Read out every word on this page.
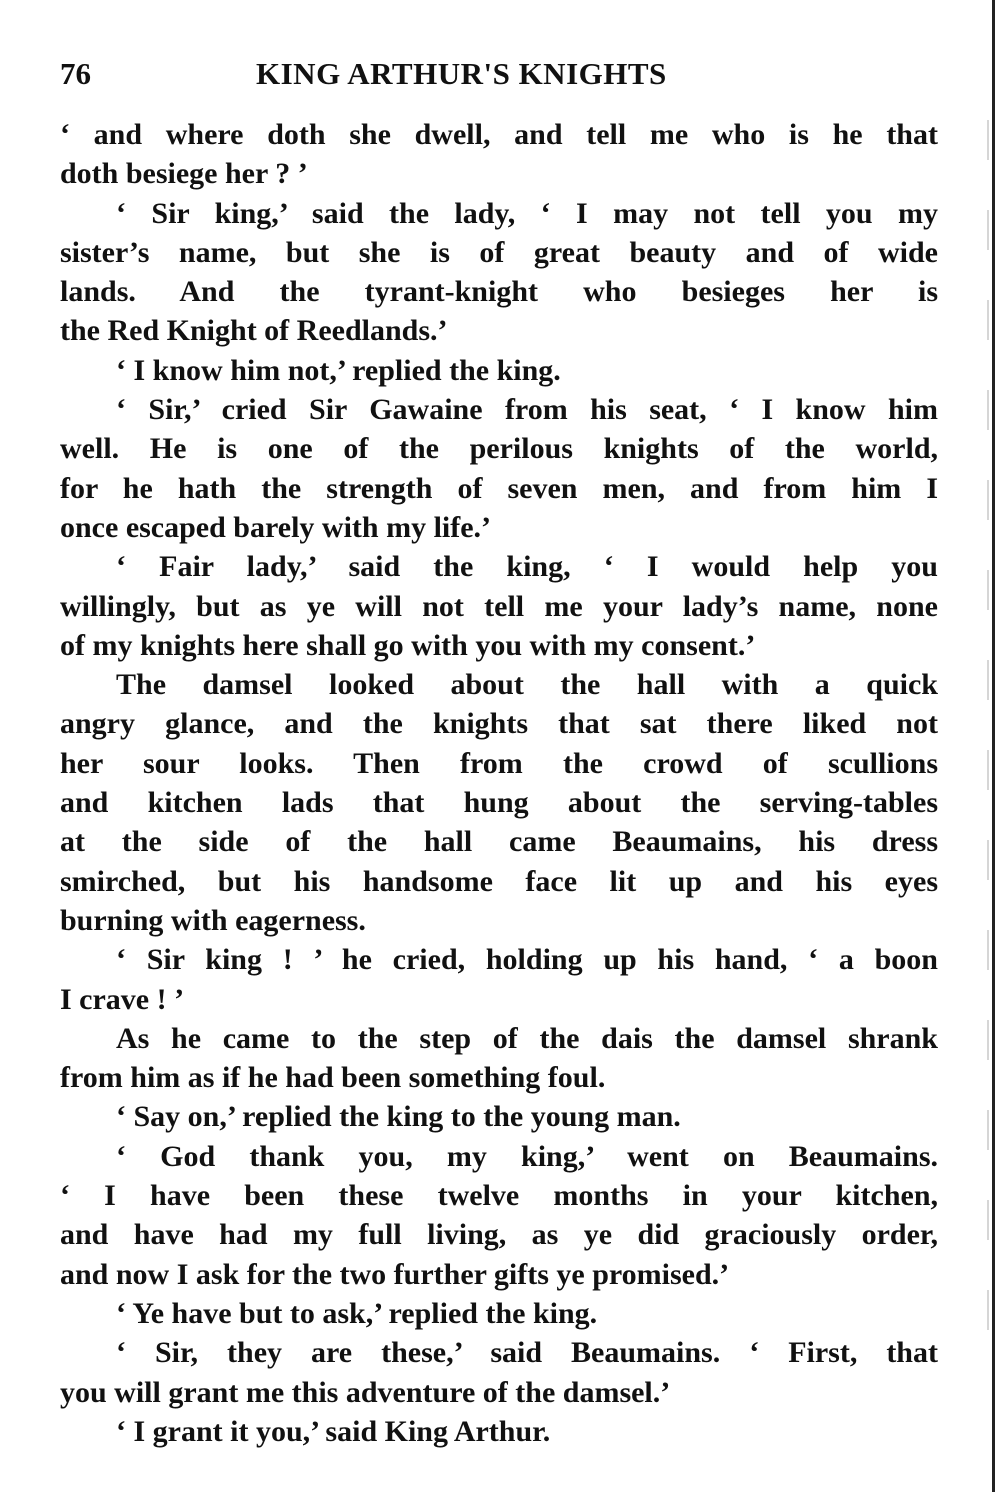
76	KING ARTHUR'S KNIGHTS
‘ and where doth she dwell, and tell me who is he that
doth besiege her ? ’
‘ Sir king,’ said the lady, ‘ I may not tell you my
sister’s name, but she is of great beauty and of wide
lands. And the tyrant-knight who besieges her is
the Red Knight of Reedlands.’
‘ I know him not,’ replied the king.
‘ Sir,’ cried Sir Gawaine from his seat, ‘ I know him
well. He is one of the perilous knights of the world,
for he hath the strength of seven men, and from him I
once escaped barely with my life.’
‘ Fair lady,’ said the king, ‘ I would help you
willingly, but as ye will not tell me your lady’s name, none
of my knights here shall go with you with my consent.’
The damsel looked about the hall with a quick
angry glance, and the knights that sat there liked not
her sour looks. Then from the crowd of scullions
and kitchen lads that hung about the serving-tables
at the side of the hall came Beaumains, his dress
smirched, but his handsome face lit up and his eyes
burning with eagerness.
‘ Sir king ! ’ he cried, holding up his hand, ‘ a boon
I crave ! ’
As he came to the step of the dais the damsel shrank
from him as if he had been something foul.
‘ Say on,’ replied the king to the young man.
‘ God thank you, my king,’ went on Beaumains.
‘ I have been these twelve months in your kitchen,
and have had my full living, as ye did graciously order,
and now I ask for the two further gifts ye promised.’
‘ Ye have but to ask,’ replied the king.
‘ Sir, they are these,’ said Beaumains. ‘ First, that
you will grant me this adventure of the damsel.’
‘ I grant it you,’ said King Arthur.
